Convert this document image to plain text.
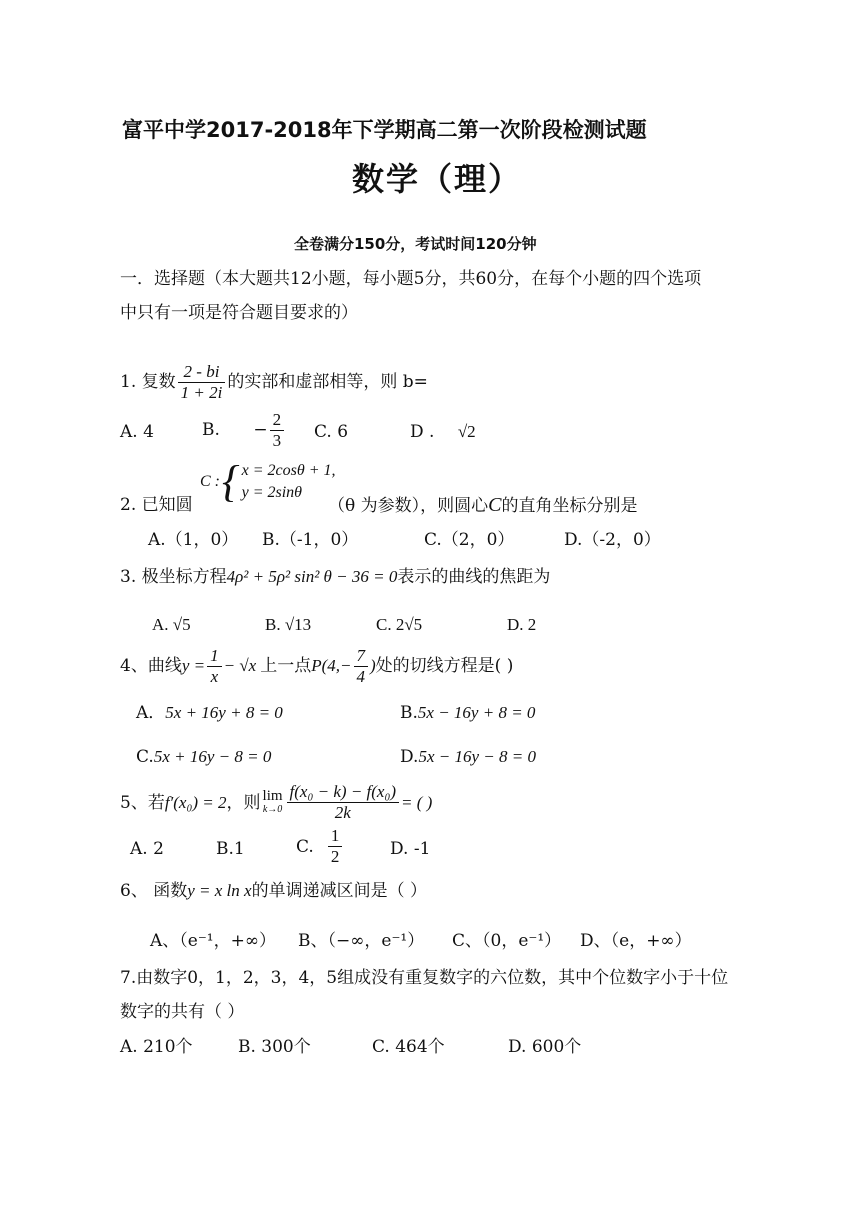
富平中学2017-2018年下学期高二第一次阶段检测试题
数学（理）
全卷满分150分，考试时间120分钟
一．选择题（本大题共12小题，每小题5分，共60分，在每个小题的四个选项
中只有一项是符合题目要求的）
1. 复数 $\frac{2 - bi}{1 + 2i}$ 的实部和虚部相等，则 b=
A. 4	B. − $\frac{2}{3} C$. 6	D . √2
C : { x = 2cosθ + 1,
y = 2sinθ
2. 已知圆	（θ 为参数），则圆心C的直角坐标分别是
A.（1，0） B.（-1，0）	C.（2，0）	D.（-2，0）
3. 极坐标方程4ρ² + 5ρ² sin² θ − 36 = 0表示的曲线的焦距为
A. √5	B. √13	C. 2√5	D. 2
4、曲线$y = \frac{1}{x} - √x$ 上一点$P(4,- \frac{7}{4}$ )处的切线方程是( )
A．5x + 16y + 8 = 0	B.5x − 16y + 8 = 0
C.5x + 16y − 8 = 0	D.5x − 16y − 8 = 0
5、若 f′(x₀) = 2 ，则 lim
$k\to 0 \frac{\text{f(x₀ − k) − f(x₀)}}{2k}$ = ( )
A. 2	B.1	C. $\frac{1}{2}$	D. -1
6、 函数y = x ln x的单调递减区间是（ ）
A、（e⁻¹，+∞） B、（−∞，e⁻¹） C、（0，e⁻¹） D、（e，+∞）
7.由数字0，1，2，3，4，5组成没有重复数字的六位数，其中个位数字小于十位
数字的共有（ ）
A. 210个	B. 300个	C. 464个	D. 600个
